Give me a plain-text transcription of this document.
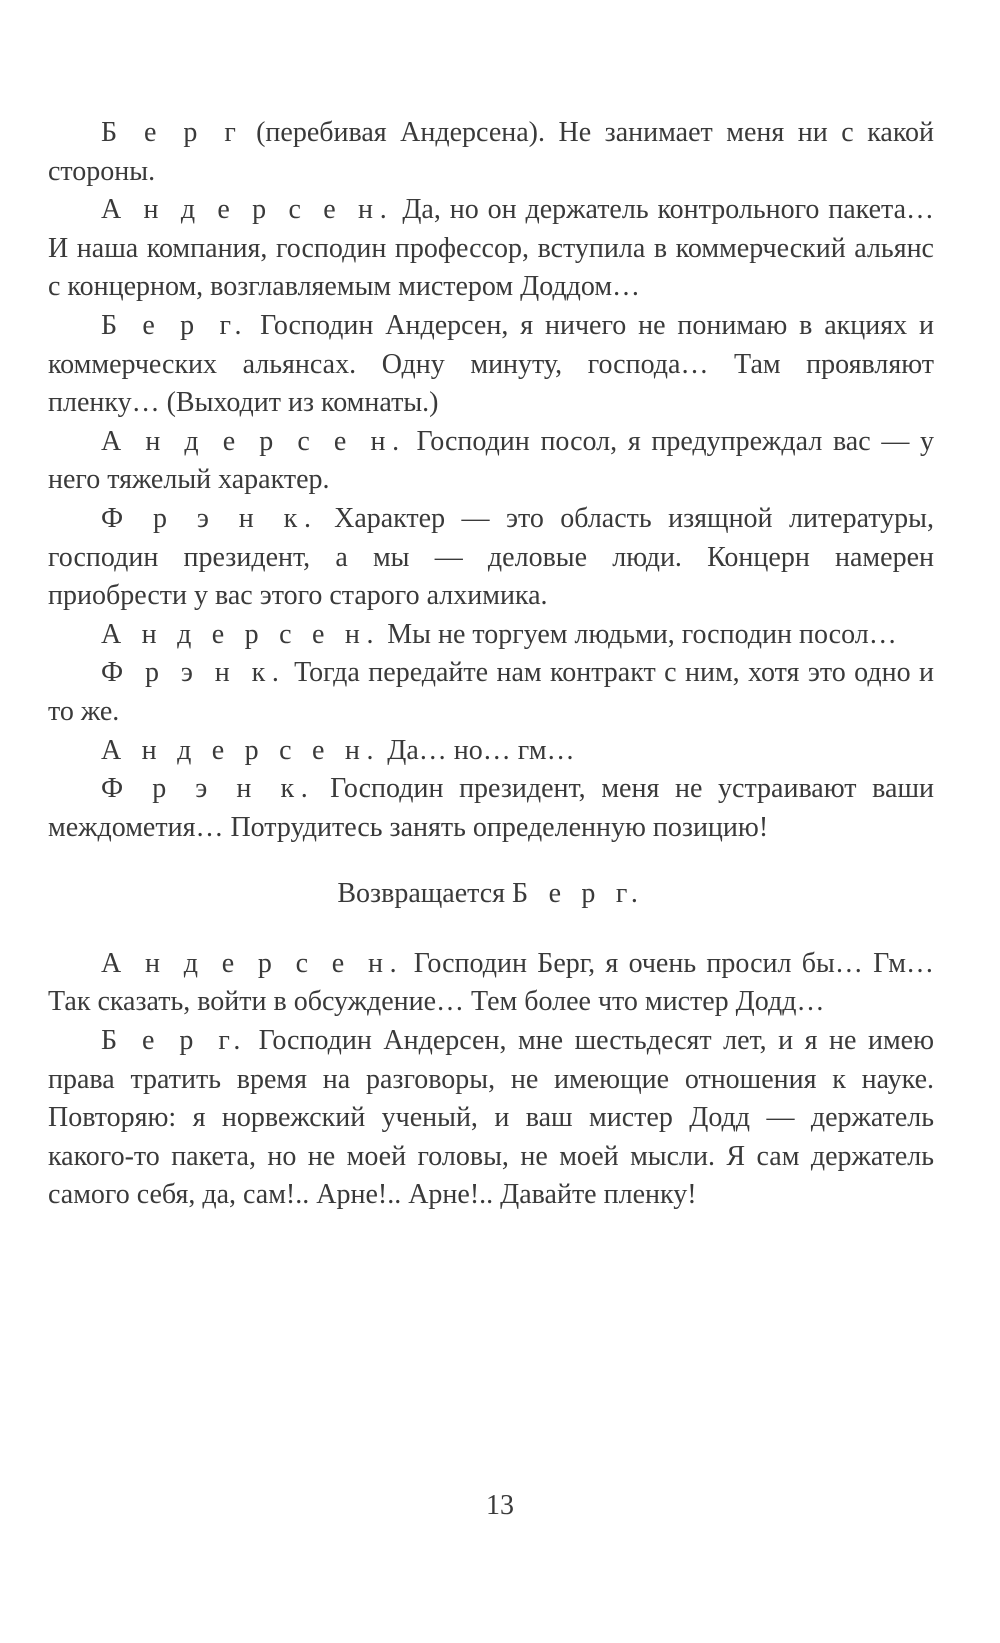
Б е р г (перебивая Андерсена). Не занимает меня ни с какой стороны.

А н д е р с е н. Да, но он держатель контрольного пакета… И наша компания, господин профессор, вступила в коммерческий альянс с концерном, возглавляемым мистером Доддом…

Б е р г. Господин Андерсен, я ничего не понимаю в акциях и коммерческих альянсах. Одну минуту, господа… Там проявляют пленку… (Выходит из комнаты.)

А н д е р с е н. Господин посол, я предупреждал вас — у него тяжелый характер.

Ф р э н к. Характер — это область изящной литературы, господин президент, а мы — деловые люди. Концерн намерен приобрести у вас этого старого алхимика.

А н д е р с е н. Мы не торгуем людьми, господин посол…

Ф р э н к. Тогда передайте нам контракт с ним, хотя это одно и то же.

А н д е р с е н. Да… но… гм…

Ф р э н к. Господин президент, меня не устраивают ваши междометия… Потрудитесь занять определенную позицию!

Возвращается Б е р г.

А н д е р с е н. Господин Берг, я очень просил бы… Гм… Так сказать, войти в обсуждение… Тем более что мистер Додд…

Б е р г. Господин Андерсен, мне шестьдесят лет, и я не имею права тратить время на разговоры, не имеющие отношения к науке. Повторяю: я норвежский ученый, и ваш мистер Додд — держатель какого-то пакета, но не моей головы, не моей мысли. Я сам держатель самого себя, да, сам!.. Арне!.. Арне!.. Давайте пленку!

13
